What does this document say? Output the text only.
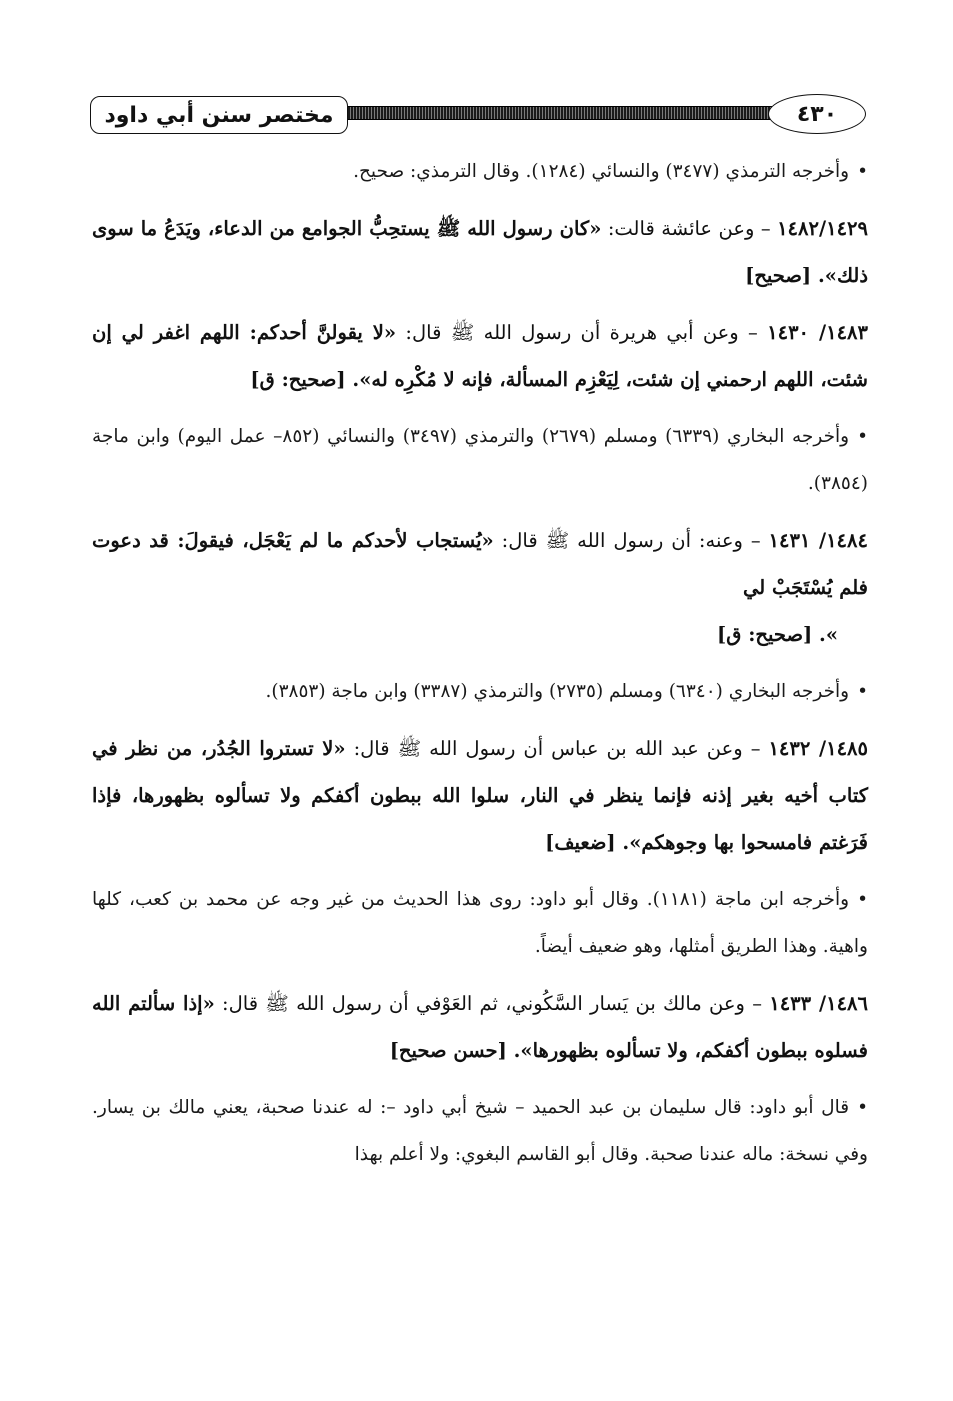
مختصر سنن أبي داود	٤٣٠

•وأخرجه الترمذي (٣٤٧٧) والنسائي (١٢٨٤). وقال الترمذي: صحيح.

١٤٨٢/١٤٢٩ – وعن عائشة قالت: «كان رسول الله ﷺ يستحِبُّ الجوامع من الدعاء، ويَدَعُ ما سوى ذلك». [صحيح]

١٤٨٣/ ١٤٣٠ – وعن أبي هريرة أن رسول الله ﷺ قال: «لا يقولنَّ أحدكم: اللهم اغفر لي إن شئت، اللهم ارحمني إن شئت، لِيَعْزِم المسألة، فإنه لا مُكْرِه له». [صحيح: ق]

•وأخرجه البخاري (٦٣٣٩) ومسلم (٢٦٧٩) والترمذي (٣٤٩٧) والنسائي (٨٥٢– عمل اليوم) وابن ماجة (٣٨٥٤).

١٤٨٤/ ١٤٣١ – وعنه: أن رسول الله ﷺ قال: «يُستجاب لأحدكم ما لم يَعْجَل، فيقولَ: قد دعوت فلم يُسْتَجَبْ لي
». [صحيح: ق]

•وأخرجه البخاري (٦٣٤٠) ومسلم (٢٧٣٥) والترمذي (٣٣٨٧) وابن ماجة (٣٨٥٣).

١٤٨٥/ ١٤٣٢ – وعن عبد الله بن عباس أن رسول الله ﷺ قال: «لا تستروا الجُدُر، من نظر في كتاب أخيه بغير إذنه فإنما ينظر في النار، سلوا الله ببطون أكفكم ولا تسألوه بظهورها، فإذا فَرَغتم فامسحوا بها وجوهكم». [ضعيف]

•وأخرجه ابن ماجة (١١٨١). وقال أبو داود: روى هذا الحديث من غير وجه عن محمد بن كعب، كلها واهية. وهذا الطريق أمثلها، وهو ضعيف أيضاً.

١٤٨٦/ ١٤٣٣ – وعن مالك بن يَسار السَّكُوني، ثم العَوْفي أن رسول الله ﷺ قال: «إذا سألتم الله فسلوه ببطون أكفكم، ولا تسألوه بظهورها». [حسن صحيح]

•قال أبو داود: قال سليمان بن عبد الحميد – شيخ أبي داود –: له عندنا صحبة، يعني مالك بن يسار. وفي نسخة: ماله عندنا صحبة. وقال أبو القاسم البغوي: ولا أعلم بهذا
